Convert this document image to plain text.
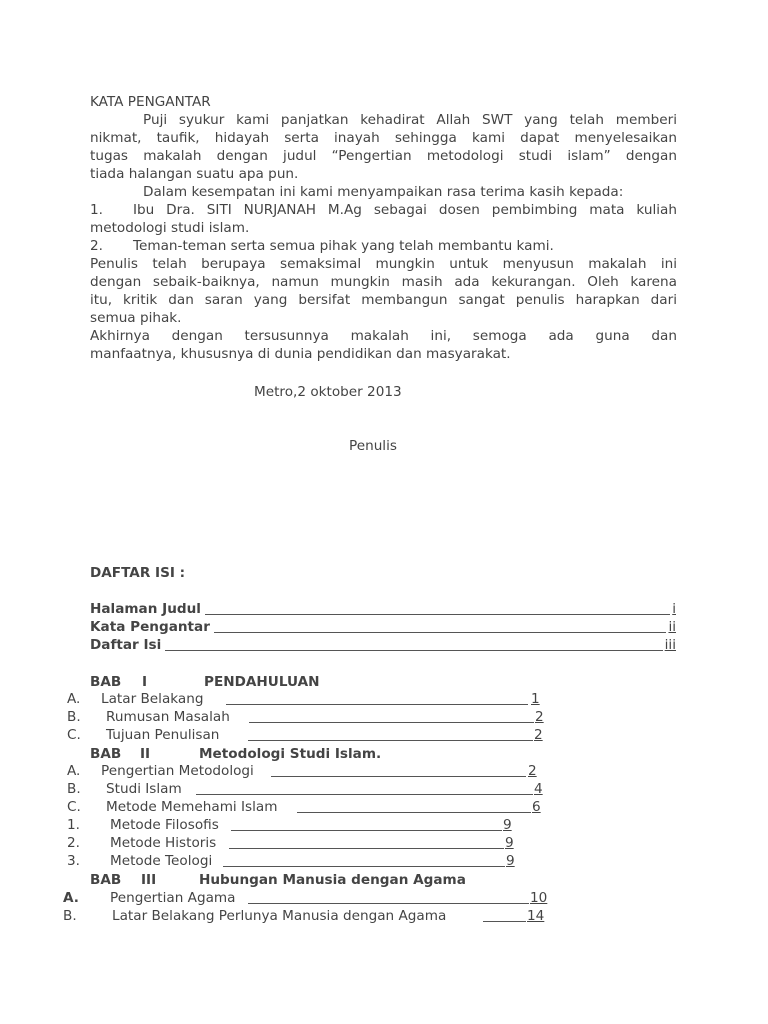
KATA PENGANTAR
Puji syukur kami panjatkan kehadirat Allah SWT yang telah memberi
nikmat, taufik, hidayah serta inayah sehingga kami dapat menyelesaikan
tugas makalah dengan judul “Pengertian metodologi studi islam” dengan
tiada halangan suatu apa pun.
Dalam kesempatan ini kami menyampaikan rasa terima kasih kepada:
1. Ibu Dra. SITI NURJANAH M.Ag sebagai dosen pembimbing mata kuliah
metodologi studi islam.
2. Teman-teman serta semua pihak yang telah membantu kami.
Penulis telah berupaya semaksimal mungkin untuk menyusun makalah ini
dengan sebaik-baiknya, namun mungkin masih ada kekurangan. Oleh karena
itu, kritik dan saran yang bersifat membangun sangat penulis harapkan dari
semua pihak.
Akhirnya dengan tersusunnya makalah ini, semoga ada guna dan
manfaatnya, khususnya di dunia pendidikan dan masyarakat.
Metro,2 oktober 2013
Penulis
DAFTAR ISI :
Halaman Judul	i
Kata Pengantar	ii
Daftar Isi	iii
BAB I	PENDAHULUAN
A. Latar Belakang	1
B. Rumusan Masalah	2
C. Tujuan Penulisan	2
BAB II	Metodologi Studi Islam.
A. Pengertian Metodologi	2
B. Studi Islam	4
C. Metode Memehami Islam	6
1. Metode Filosofis	9
2. Metode Historis	9
3. Metode Teologi	9
BAB III	Hubungan Manusia dengan Agama
A. Pengertian Agama	10
B.	Latar Belakang Perlunya Manusia dengan Agama	14
